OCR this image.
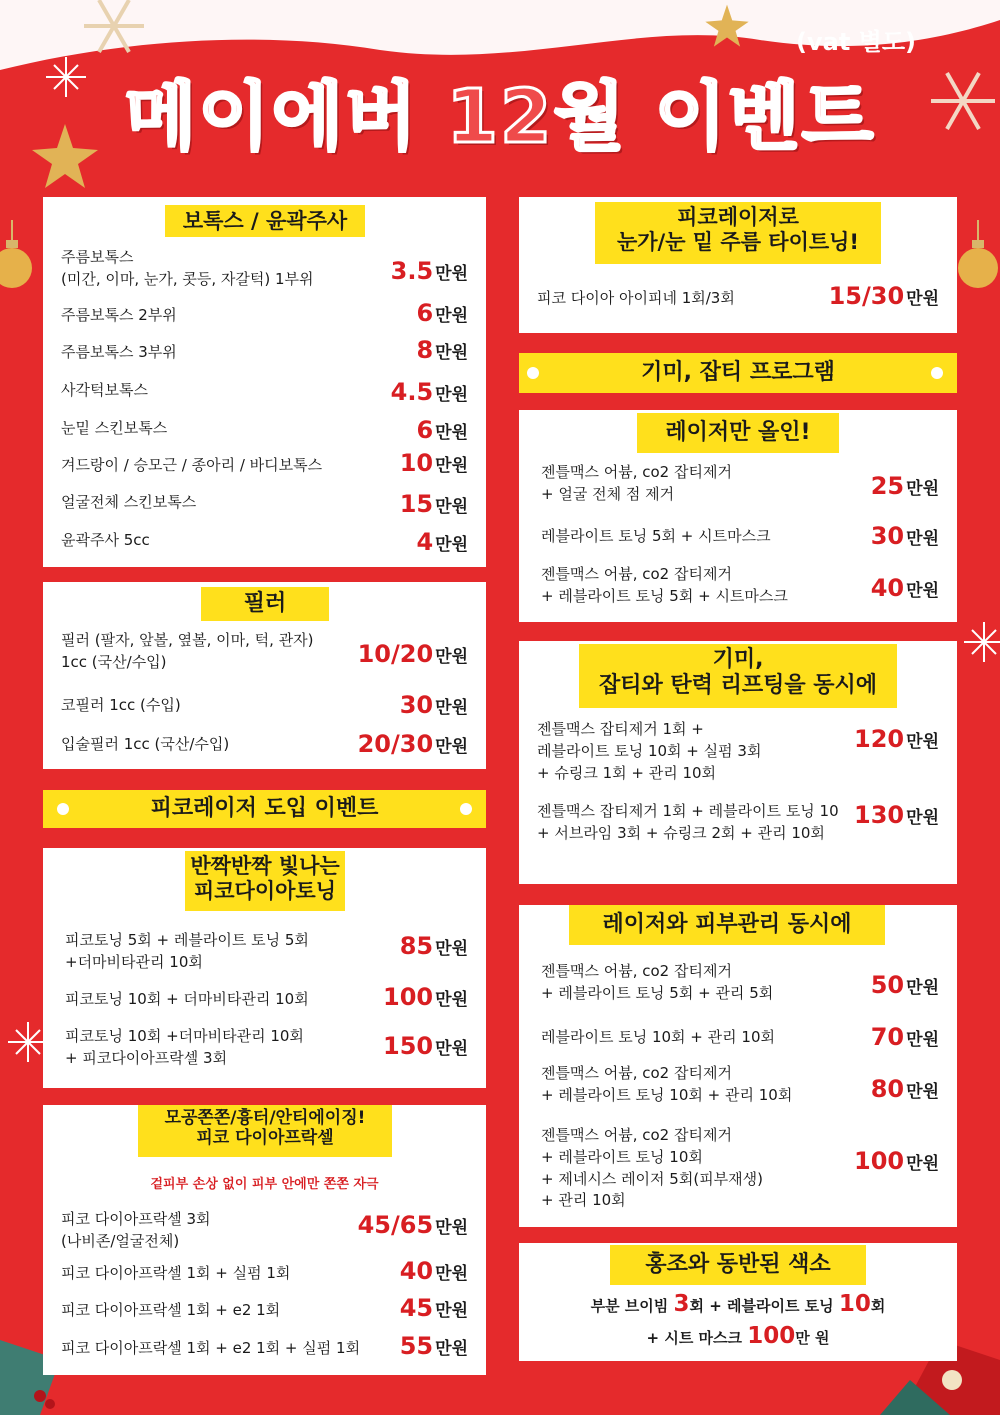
(vat 별도)
메이에버 12월 이벤트
보톡스 / 윤곽주사
주름보톡스
(미간, 이마, 눈가, 콧등, 자갈턱) 1부위	3.5 만원
주름보톡스 2부위	6 만원
주름보톡스 3부위	8 만원
사각턱보톡스	4.5 만원
눈밑 스킨보톡스	6 만원
겨드랑이 / 승모근 / 종아리 / 바디보톡스	10 만원
얼굴전체 스킨보톡스	15 만원
윤곽주사 5cc	4 만원
필러
필러 (팔자, 앞볼, 옆볼, 이마, 턱, 관자)
1cc (국산/수입)	10/20 만원
코필러 1cc (수입)	30 만원
입술필러 1cc (국산/수입)	20/30 만원
피코레이저 도입 이벤트
반짝반짝 빛나는
피코다이아토닝
피코토닝 5회 + 레블라이트 토닝 5회
+더마비타관리 10회
85 만원
피코토닝 10회 + 더마비타관리 10회	100 만원
피코토닝 10회 +더마비타관리 10회
+ 피코다이아프락셀 3회	150 만원
모공쫀쫀/흉터/안티에이징!
피코 다이아프락셀
겉피부 손상 없이 피부 안에만 쫀쫀 자극
피코 다이아프락셀 3회
(나비존/얼굴전체)
45/65 만원
피코 다이아프락셀 1회 + 실펌 1회	40 만원
피코 다이아프락셀 1회 + e2 1회	45 만원
피코 다이아프락셀 1회 + e2 1회 + 실펌 1회 55 만원
피코레이저로
눈가/눈 밑 주름 타이트닝!
피코 다이아 아이피네 1회/3회	15/30 만원
기미, 잡티 프로그램
레이저만 올인!
젠틀맥스 어븀, co2 잡티제거
+ 얼굴 전체 점 제거	25 만원
레블라이트 토닝 5회 + 시트마스크	30 만원
젠틀맥스 어븀, co2 잡티제거
+ 레블라이트 토닝 5회 + 시트마스크	40 만원
기미,
잡티와 탄력 리프팅을 동시에
젠틀맥스 잡티제거 1회 +
레블라이트 토닝 10회 + 실펌 3회
+ 슈링크 1회 + 관리 10회
120 만원
젠틀맥스 잡티제거 1회 + 레블라이트 토닝 10
+ 서브라임 3회 + 슈링크 2회 + 관리 10회
130 만원
레이저와 피부관리 동시에
젠틀맥스 어븀, co2 잡티제거
+ 레블라이트 토닝 5회 + 관리 5회	50 만원
레블라이트 토닝 10회 + 관리 10회	70 만원
젠틀맥스 어븀, co2 잡티제거
+ 레블라이트 토닝 10회 + 관리 10회	80 만원
젠틀맥스 어븀, co2 잡티제거
+ 레블라이트 토닝 10회
+ 제네시스 레이저 5회(피부재생)
+ 관리 10회
100 만원
홍조와 동반된 색소
부분 브이빔 3회 + 레블라이트 토닝 10회
+ 시트 마스크 100만 원
